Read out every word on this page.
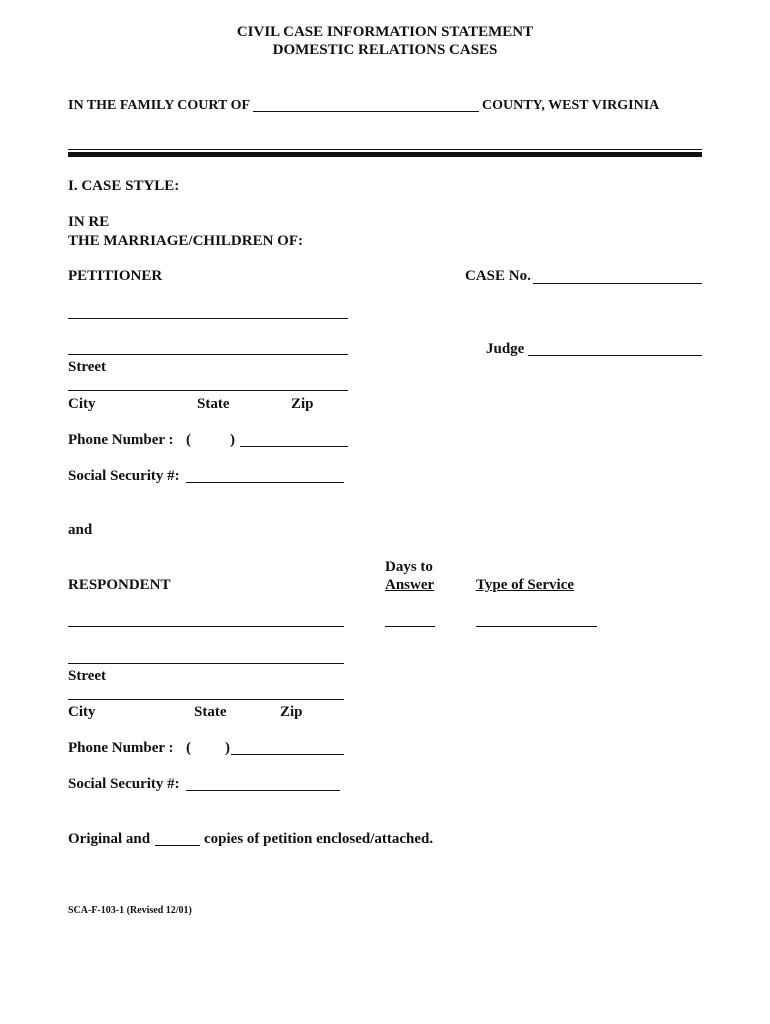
CIVIL CASE INFORMATION STATEMENT
DOMESTIC RELATIONS CASES
IN THE FAMILY COURT OF	COUNTY, WEST VIRGINIA
I. CASE STYLE:
IN RE
THE MARRIAGE/CHILDREN OF:
PETITIONER	CASE No.
Judge
Street
City	State	Zip
Phone Number : (	)
Social Security #:
and
Days to
Answer
RESPONDENT	Type of Service
Street
City	State	Zip
Phone Number : ( )
Social Security #:
Original and	copies of petition enclosed/attached.
SCA-F-103-1 (Revised 12/01)
